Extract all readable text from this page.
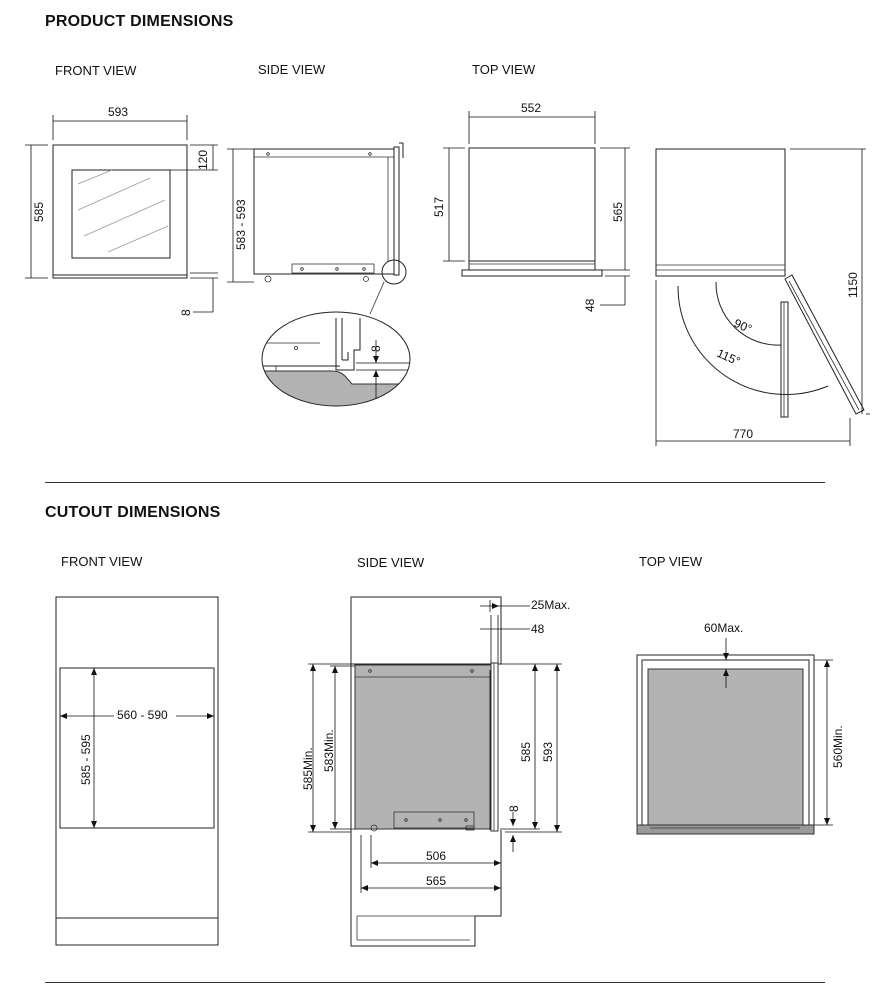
PRODUCT DIMENSIONS
FRONT VIEW	SIDE VIEW	TOP VIEW
CUTOUT DIMENSIONS
FRONT VIEW	SIDE VIEW	TOP VIEW
593
585
120
8
583 - 593
8
552
517	565
48
90°
115°
1150
770
560 - 590
585 - 595
25Max.
48
585Min. 583Min.	585 593
8
506
565
60Max.
560Min.
